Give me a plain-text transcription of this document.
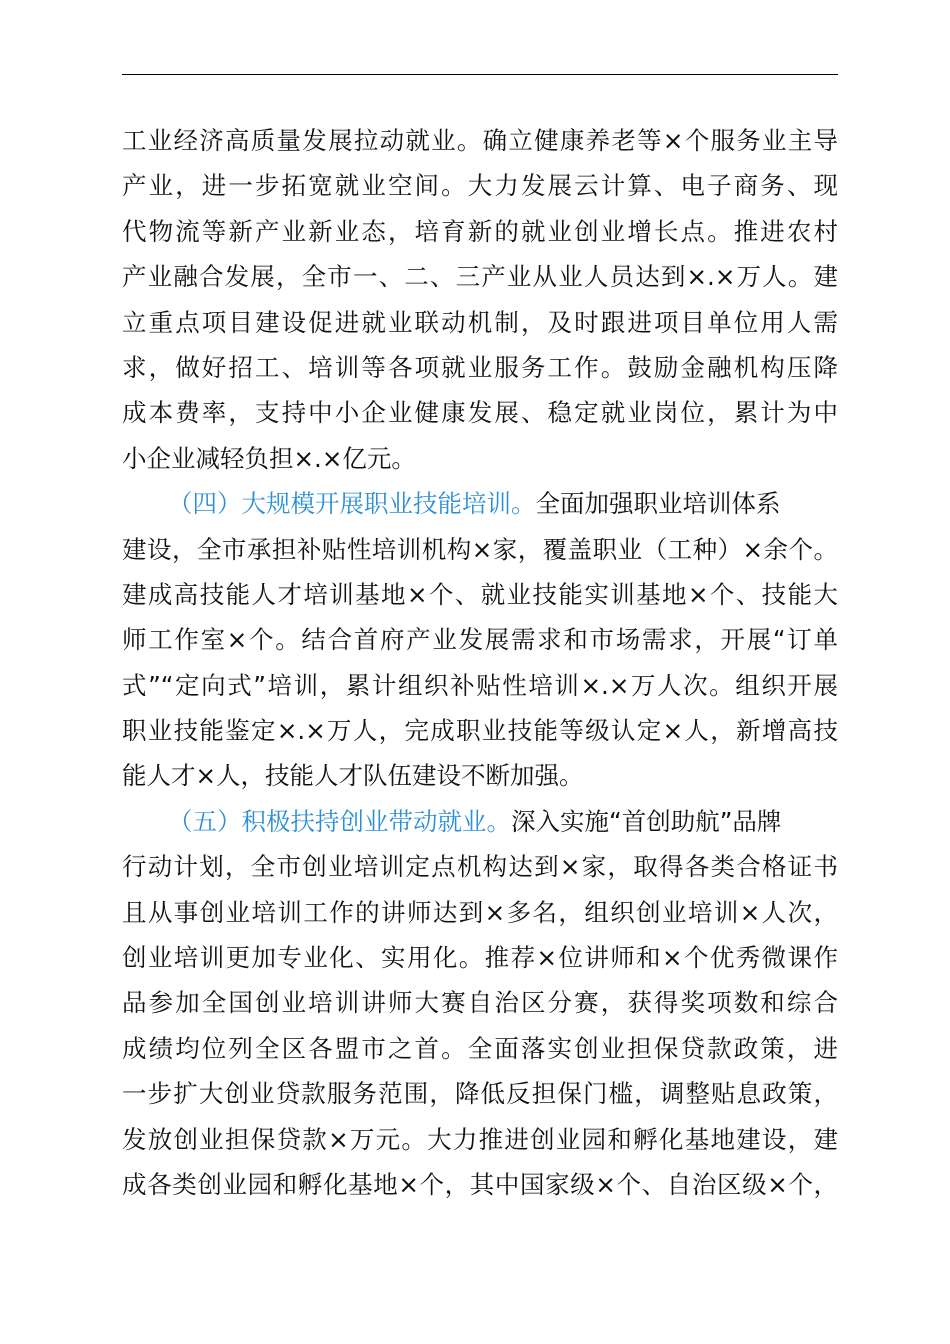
工业经济高质量发展拉动就业。确立健康养老等×个服务业主导
产业，进一步拓宽就业空间。大力发展云计算、电子商务、现
代物流等新产业新业态，培育新的就业创业增长点。推进农村
产业融合发展，全市一、二、三产业从业人员达到×.×万人。建
立重点项目建设促进就业联动机制，及时跟进项目单位用人需
求，做好招工、培训等各项就业服务工作。鼓励金融机构压降
成本费率，支持中小企业健康发展、稳定就业岗位，累计为中
小企业减轻负担×.×亿元。
（四）大规模开展职业技能培训。全面加强职业培训体系
建设，全市承担补贴性培训机构×家，覆盖职业（工种）×余个。
建成高技能人才培训基地×个、就业技能实训基地×个、技能大
师工作室×个。结合首府产业发展需求和市场需求，开展“订单
式”“定向式”培训，累计组织补贴性培训×.×万人次。组织开展
职业技能鉴定×.×万人，完成职业技能等级认定×人，新增高技
能人才×人，技能人才队伍建设不断加强。
（五）积极扶持创业带动就业。深入实施“首创助航”品牌
行动计划，全市创业培训定点机构达到×家，取得各类合格证书
且从事创业培训工作的讲师达到×多名，组织创业培训×人次，
创业培训更加专业化、实用化。推荐×位讲师和×个优秀微课作
品参加全国创业培训讲师大赛自治区分赛，获得奖项数和综合
成绩均位列全区各盟市之首。全面落实创业担保贷款政策，进
一步扩大创业贷款服务范围，降低反担保门槛，调整贴息政策，
发放创业担保贷款×万元。大力推进创业园和孵化基地建设，建
成各类创业园和孵化基地×个，其中国家级×个、自治区级×个，
